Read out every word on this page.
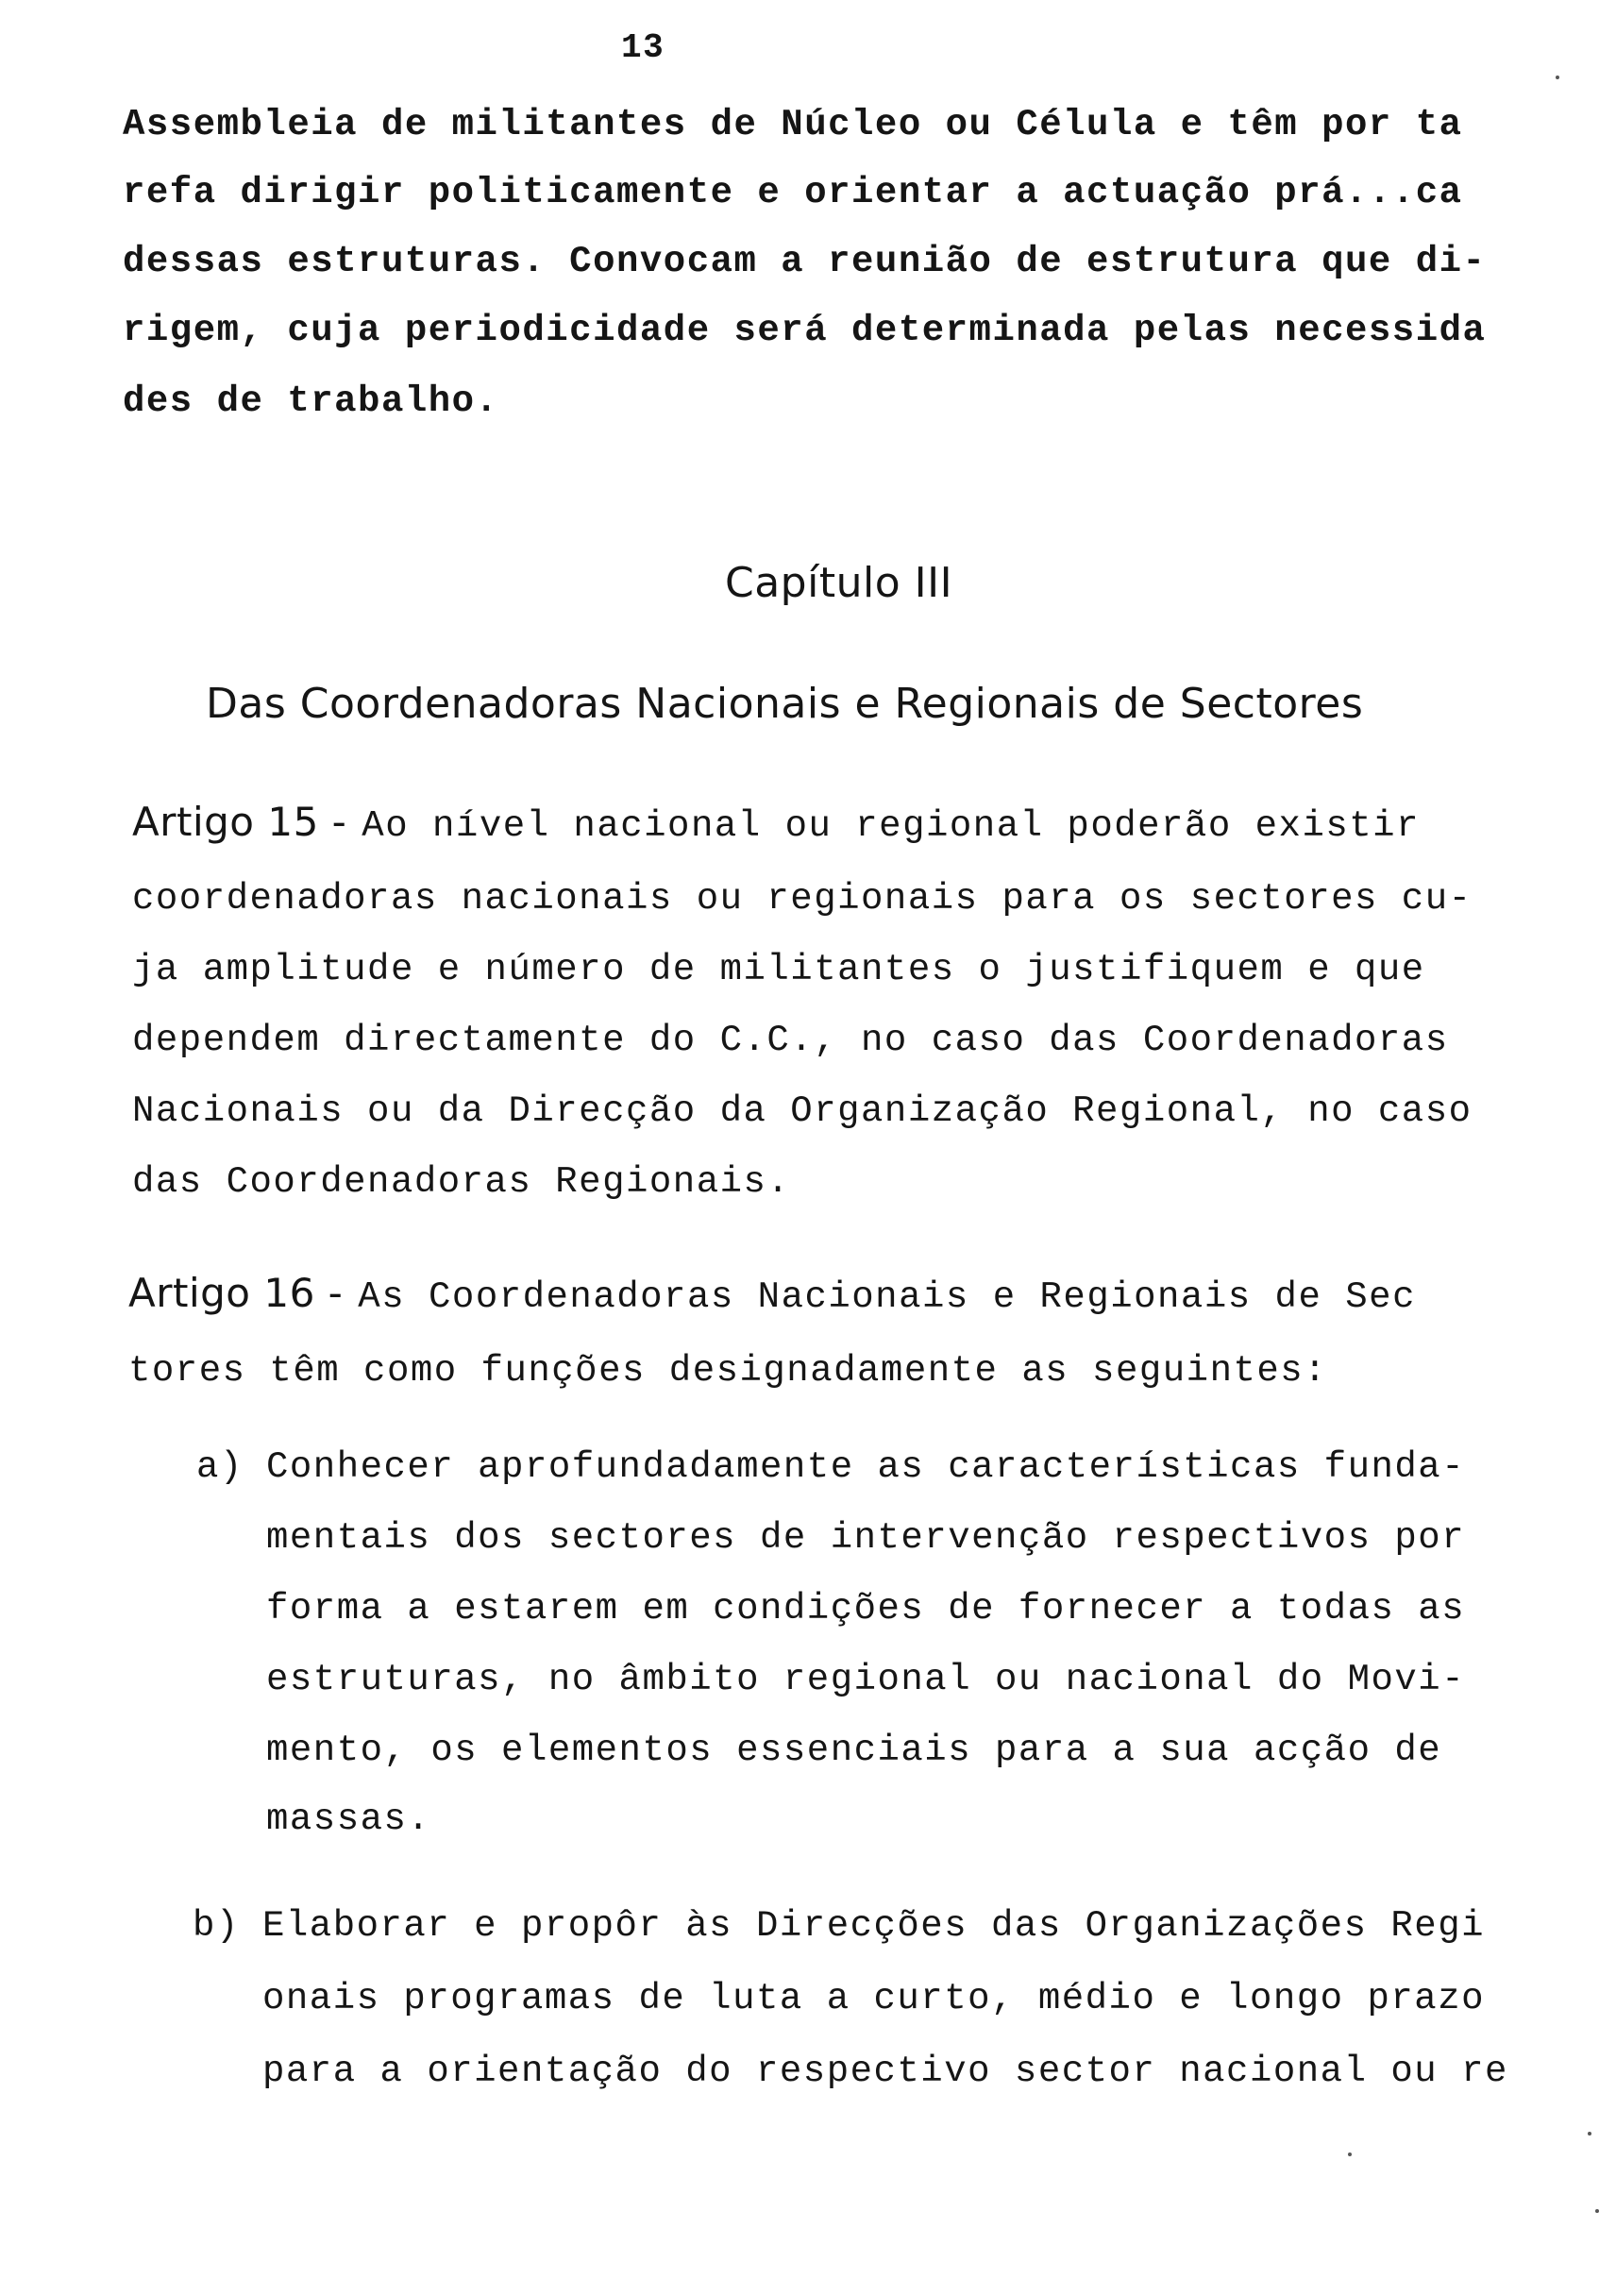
13
Assembleia de militantes de Núcleo ou Célula e têm por ta
refa dirigir politicamente e orientar a actuação prá...ca
dessas estruturas. Convocam a reunião de estrutura que di-
rigem, cuja periodicidade será determinada pelas necessida
des de trabalho.
Capítulo III
Das Coordenadoras Nacionais e Regionais de Sectores
Artigo 15 - Ao nível nacional ou regional poderão existir
coordenadoras nacionais ou regionais para os sectores cu-
ja amplitude e número de militantes o justifiquem e que
dependem directamente do C.C., no caso das Coordenadoras
Nacionais ou da Direcção da Organização Regional, no caso
das Coordenadoras Regionais.
Artigo 16 - As Coordenadoras Nacionais e Regionais de Sec
tores têm como funções designadamente as seguintes:
a) Conhecer aprofundadamente as características funda-
mentais dos sectores de intervenção respectivos por
forma a estarem em condições de fornecer a todas as
estruturas, no âmbito regional ou nacional do Movi-
mento, os elementos essenciais para a sua acção de
massas.
b) Elaborar e propôr às Direcções das Organizações Regi
onais programas de luta a curto, médio e longo prazo
para a orientação do respectivo sector nacional ou re
